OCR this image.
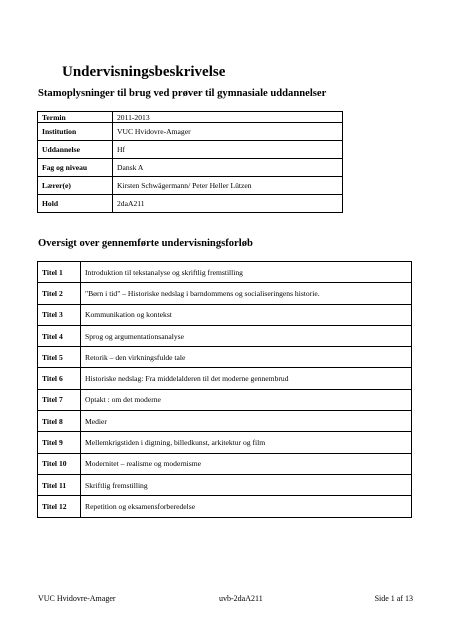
Undervisningsbeskrivelse
Stamoplysninger til brug ved prøver til gymnasiale uddannelser
Termin	2011-2013
Institution	VUC Hvidovre-Amager
Uddannelse	Hf
Fag og niveau	Dansk A
Lærer(e)	Kirsten Schwägermann/ Peter Heller Lützen
Hold	2daA211
Oversigt over gennemførte undervisningsforløb
Titel 1	Introduktion til tekstanalyse og skriftlig fremstilling
Titel 2	"Børn i tid" – Historiske nedslag i barndommens og socialiseringens historie.
Titel 3	Kommunikation og kontekst
Titel 4	Sprog og argumentationsanalyse
Titel 5	Retorik – den virkningsfulde tale
Titel 6	Historiske nedslag: Fra middelalderen til det moderne gennembrud
Titel 7	Optakt : om det moderne
Titel 8	Medier
Titel 9	Mellemkrigstiden i digtning, billedkunst, arkitektur og film
Titel 10	Modernitet – realisme og modernisme
Titel 11	Skriftlig fremstilling
Titel 12	Repetition og eksamensforberedelse
VUC Hvidovre-Amager	uvb-2daA211	Side 1 af 13
